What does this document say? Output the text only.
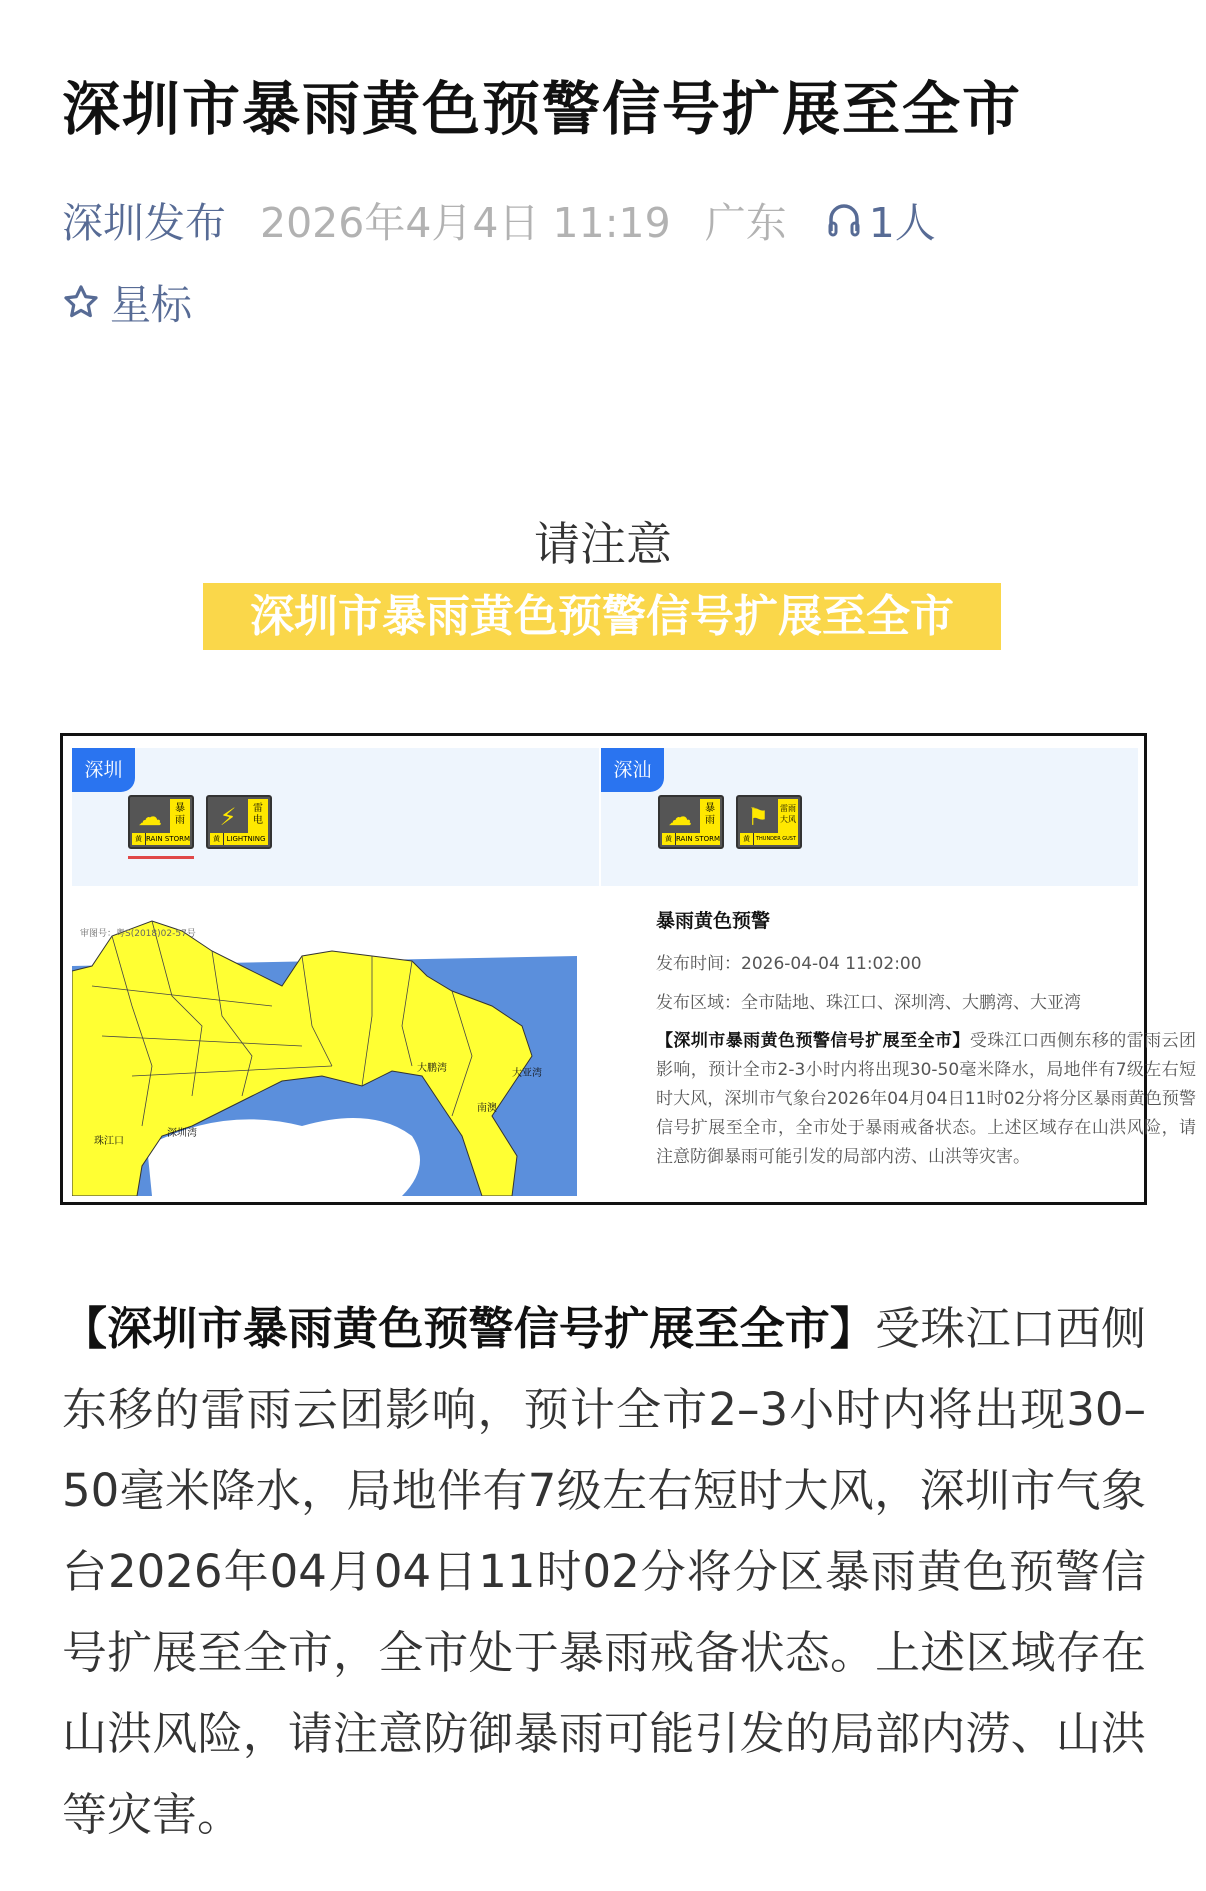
深圳市暴雨黄色预警信号扩展至全市
深圳发布 2026年4月4日 11:19 广东 1人
星标
请注意
深圳市暴雨黄色预警信号扩展至全市
深圳
☁	暴
雨
黄 RAIN STORM
⚡	雷
电
黄 LIGHTNING
深汕
☁	暴
雨
黄 RAIN STORM
⚑	雷雨
大风
黄	THUNDER GUST
审图号：粤S(2018)02-57号
珠江口
深圳湾
大鹏湾	大亚湾
南澳
暴雨黄色预警
发布时间：2026-04-04 11:02:00
发布区域：全市陆地、珠江口、深圳湾、大鹏湾、大亚湾
【深圳市暴雨黄色预警信号扩展至全市】受珠江口西侧东移的雷雨云团影响，预计全市2-3小时内将出现30-50毫米降水，局地伴有7级左右短时大风，深圳市气象台2026年04月04日11时02分将分区暴雨黄色预警信号扩展至全市，全市处于暴雨戒备状态。上述区域存在山洪风险，请注意防御暴雨可能引发的局部内涝、山洪等灾害。
【深圳市暴雨黄色预警信号扩展至全市】受珠江口西侧东移的雷雨云团影响，预计全市2–3小时内将出现30–50毫米降水，局地伴有7级左右短时大风，深圳市气象台2026年04月04日11时02分将分区暴雨黄色预警信号扩展至全市，全市处于暴雨戒备状态。上述区域存在山洪风险，请注意防御暴雨可能引发的局部内涝、山洪等灾害。
